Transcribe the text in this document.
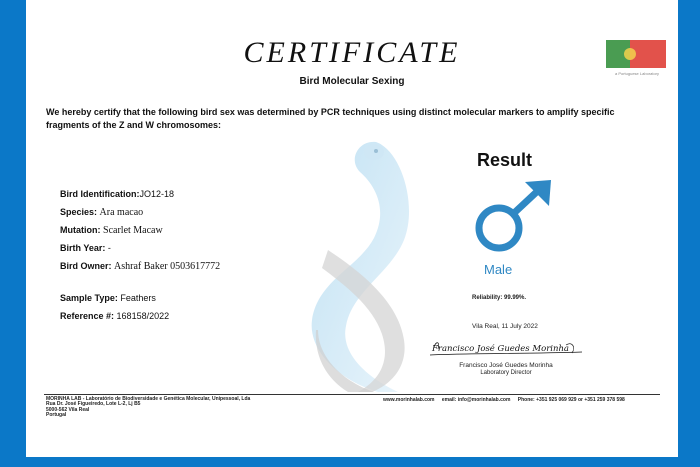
CERTIFICATE
Bird Molecular Sexing
a Portuguese Laboratory
We hereby certify that the following bird sex was determined by PCR techniques using distinct molecular markers to amplify specific fragments of the Z and W chromosomes:
Bird Identification:JO12-18
Species: Ara macao
Mutation: Scarlet Macaw
Birth Year: -
Bird Owner: Ashraf Baker 0503617772
Sample Type: Feathers
Reference #: 168158/2022
Result
Male
Reliability: 99.99%.
Vila Real, 11 July 2022
Francisco José Guedes Morinha
Francisco José Guedes Morinha
Laboratory Director
MORINHA LAB - Laboratório de Biodiversidade e Genética Molecular, Unipessoal, Lda
Rua Dr. José Figueiredo, Lote L-2, Lj B5
5000-562 Vila Real
Portugal
www.morinhalab.com email: info@morinhalab.com Phone: +351 925 069 929 or +351 259 378 598
حراج
